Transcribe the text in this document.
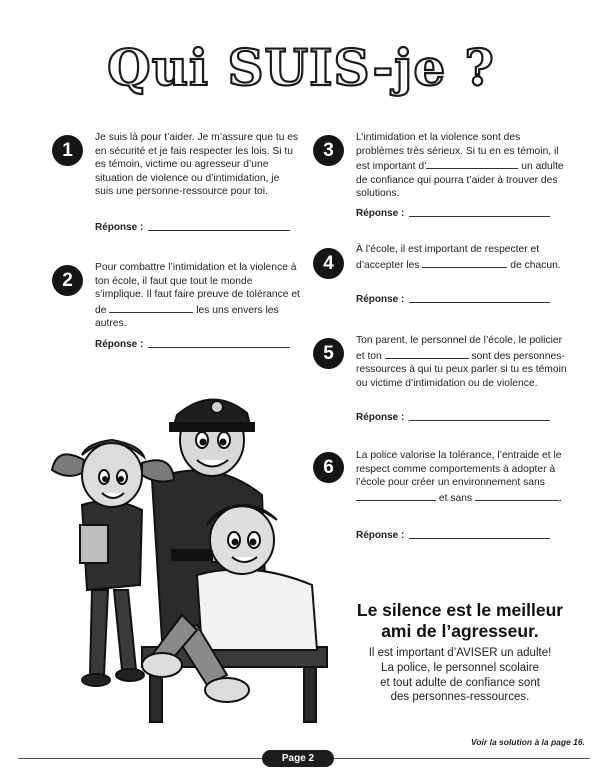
Qui SUIS-je ?
1
Je suis là pour t’aider. Je m’assure que tu es en sécurité et je fais respecter les lois. Si tu es témoin, victime ou agresseur d’une situation de violence ou d’intimidation, je suis une personne-ressource pour toi.
Réponse :
2
Pour combattre l’intimidation et la violence à ton école, il faut que tout le monde s’implique. Il faut faire preuve de tolérance et de	les uns envers les autres.
Réponse :
3
L’intimidation et la violence sont des problèmes très sérieux. Si tu en es témoin, il est important d’	un adulte de confiance qui pourra t’aider à trouver des solutions.
Réponse :
4
À l’école, il est important de respecter et d’accepter les	de chacun.
Réponse :
5
Ton parent, le personnel de l’école, le policier et ton	sont des personnes-ressources à qui tu peux parler si tu es témoin ou victime d’intimidation ou de violence.
Réponse :
6
La police valorise la tolérance, l’entraide et le respect comme comportements à adopter à l’école pour créer un environnement sans  et sans	.
Réponse :
Le silence est le meilleur
ami de l’agresseur.
Il est important d’AVISER un adulte!
La police, le personnel scolaire
et tout adulte de confiance sont
des personnes-ressources.
Voir la solution à la page 16.
Page 2
